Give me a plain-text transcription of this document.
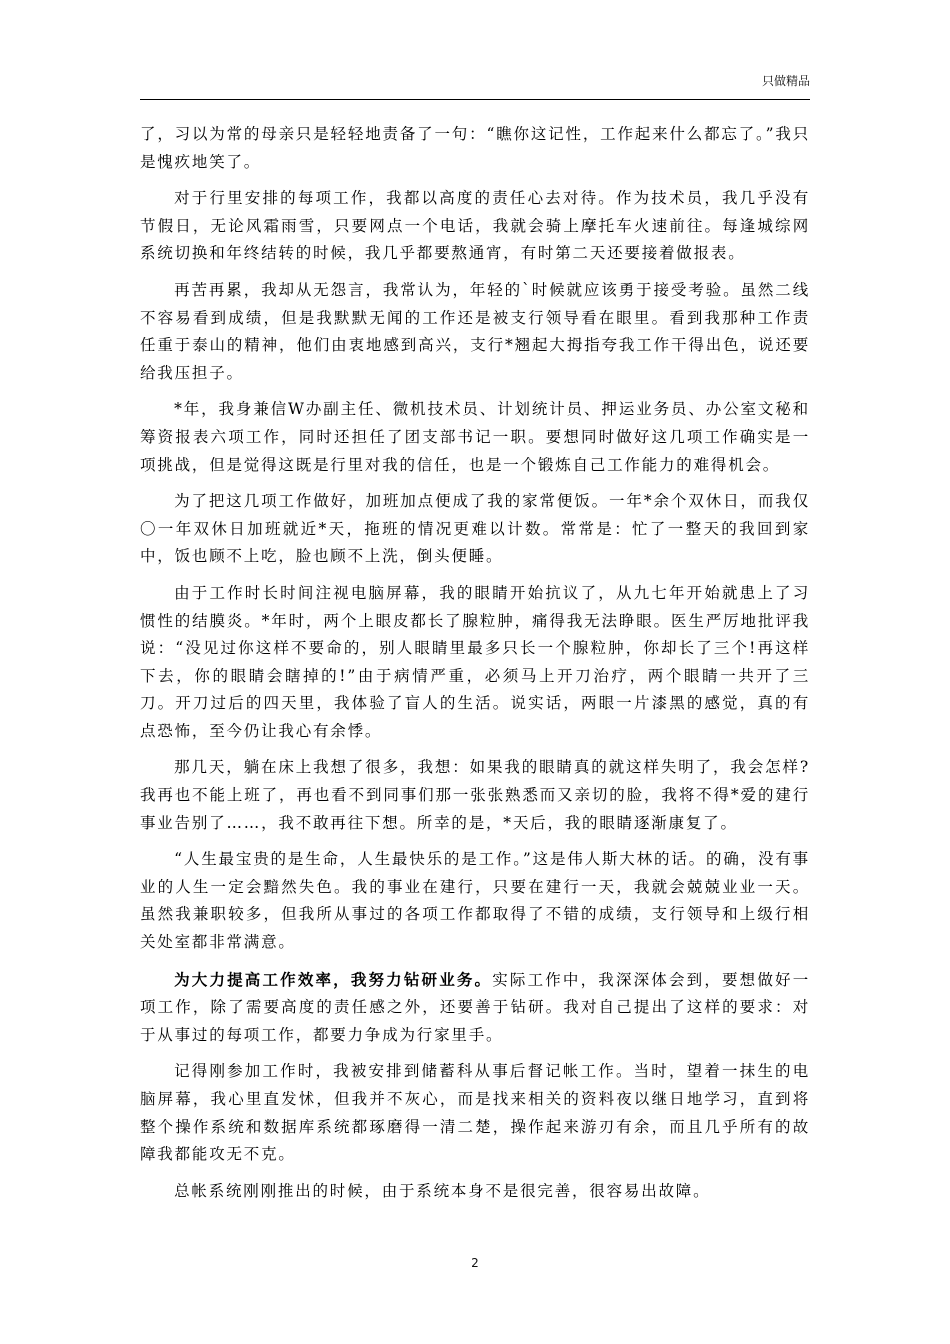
只做精品

了，习以为常的母亲只是轻轻地责备了一句：“瞧你这记性，工作起来什么都忘了。”我只是愧疚地笑了。

对于行里安排的每项工作，我都以高度的责任心去对待。作为技术员，我几乎没有节假日，无论风霜雨雪，只要网点一个电话，我就会骑上摩托车火速前往。每逢城综网系统切换和年终结转的时候，我几乎都要熬通宵，有时第二天还要接着做报表。

再苦再累，我却从无怨言，我常认为，年轻的`时候就应该勇于接受考验。虽然二线不容易看到成绩，但是我默默无闻的工作还是被支行领导看在眼里。看到我那种工作责任重于泰山的精神，他们由衷地感到高兴，支行*翘起大拇指夸我工作干得出色，说还要给我压担子。

*年，我身兼信W办副主任、微机技术员、计划统计员、押运业务员、办公室文秘和筹资报表六项工作，同时还担任了团支部书记一职。要想同时做好这几项工作确实是一项挑战，但是觉得这既是行里对我的信任，也是一个锻炼自己工作能力的难得机会。

为了把这几项工作做好，加班加点便成了我的家常便饭。一年*余个双休日，而我仅〇一年双休日加班就近*天，拖班的情况更难以计数。常常是：忙了一整天的我回到家中，饭也顾不上吃，脸也顾不上洗，倒头便睡。

由于工作时长时间注视电脑屏幕，我的眼睛开始抗议了，从九七年开始就患上了习惯性的结膜炎。*年时，两个上眼皮都长了腺粒肿，痛得我无法睁眼。医生严厉地批评我说：“没见过你这样不要命的，别人眼睛里最多只长一个腺粒肿，你却长了三个!再这样下去，你的眼睛会瞎掉的!”由于病情严重，必须马上开刀治疗，两个眼睛一共开了三刀。开刀过后的四天里，我体验了盲人的生活。说实话，两眼一片漆黑的感觉，真的有点恐怖，至今仍让我心有余悸。

那几天，躺在床上我想了很多，我想：如果我的眼睛真的就这样失明了，我会怎样?我再也不能上班了，再也看不到同事们那一张张熟悉而又亲切的脸，我将不得*爱的建行事业告别了……，我不敢再往下想。所幸的是，*天后，我的眼睛逐渐康复了。

“人生最宝贵的是生命，人生最快乐的是工作。”这是伟人斯大林的话。的确，没有事业的人生一定会黯然失色。我的事业在建行，只要在建行一天，我就会兢兢业业一天。虽然我兼职较多，但我所从事过的各项工作都取得了不错的成绩，支行领导和上级行相关处室都非常满意。

为大力提高工作效率，我努力钻研业务。实际工作中，我深深体会到，要想做好一项工作，除了需要高度的责任感之外，还要善于钻研。我对自己提出了这样的要求：对于从事过的每项工作，都要力争成为行家里手。

记得刚参加工作时，我被安排到储蓄科从事后督记帐工作。当时，望着一抹生的电脑屏幕，我心里直发怵，但我并不灰心，而是找来相关的资料夜以继日地学习，直到将整个操作系统和数据库系统都琢磨得一清二楚，操作起来游刃有余，而且几乎所有的故障我都能攻无不克。

总帐系统刚刚推出的时候，由于系统本身不是很完善，很容易出故障。

2
